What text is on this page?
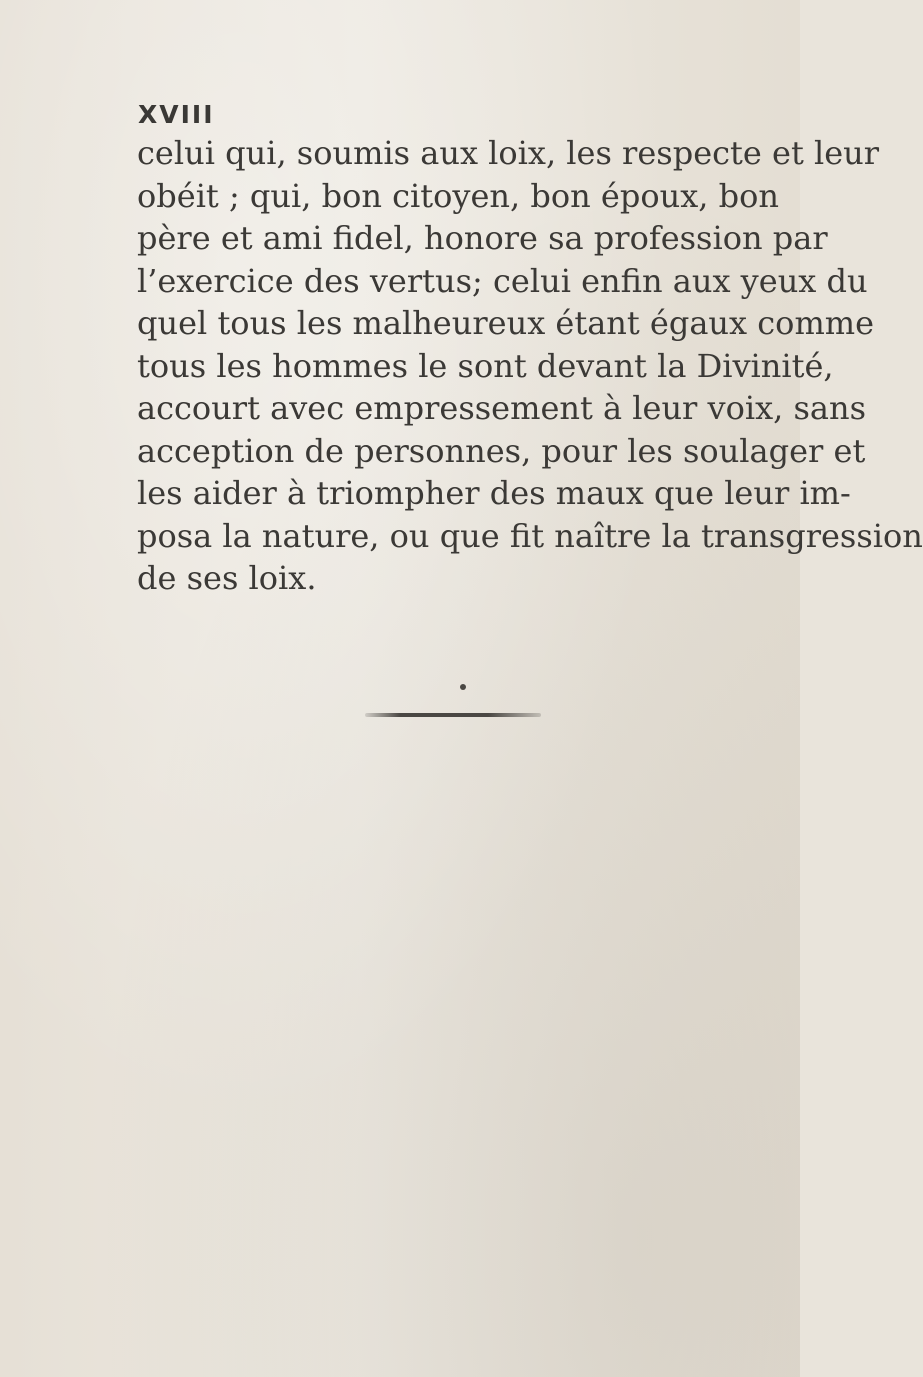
XVIII
celui qui, soumis aux loix, les respecte et leur
obéit ; qui, bon citoyen, bon époux, bon
père et ami fidel, honore sa profession par
l’exercice des vertus; celui enfin aux yeux du
quel tous les malheureux étant égaux comme
tous les hommes le sont devant la Divinité,
accourt avec empressement à leur voix, sans
acception de personnes, pour les soulager et
les aider à triompher des maux que leur im-
posa la nature, ou que fit naître la transgression
de ses loix.
